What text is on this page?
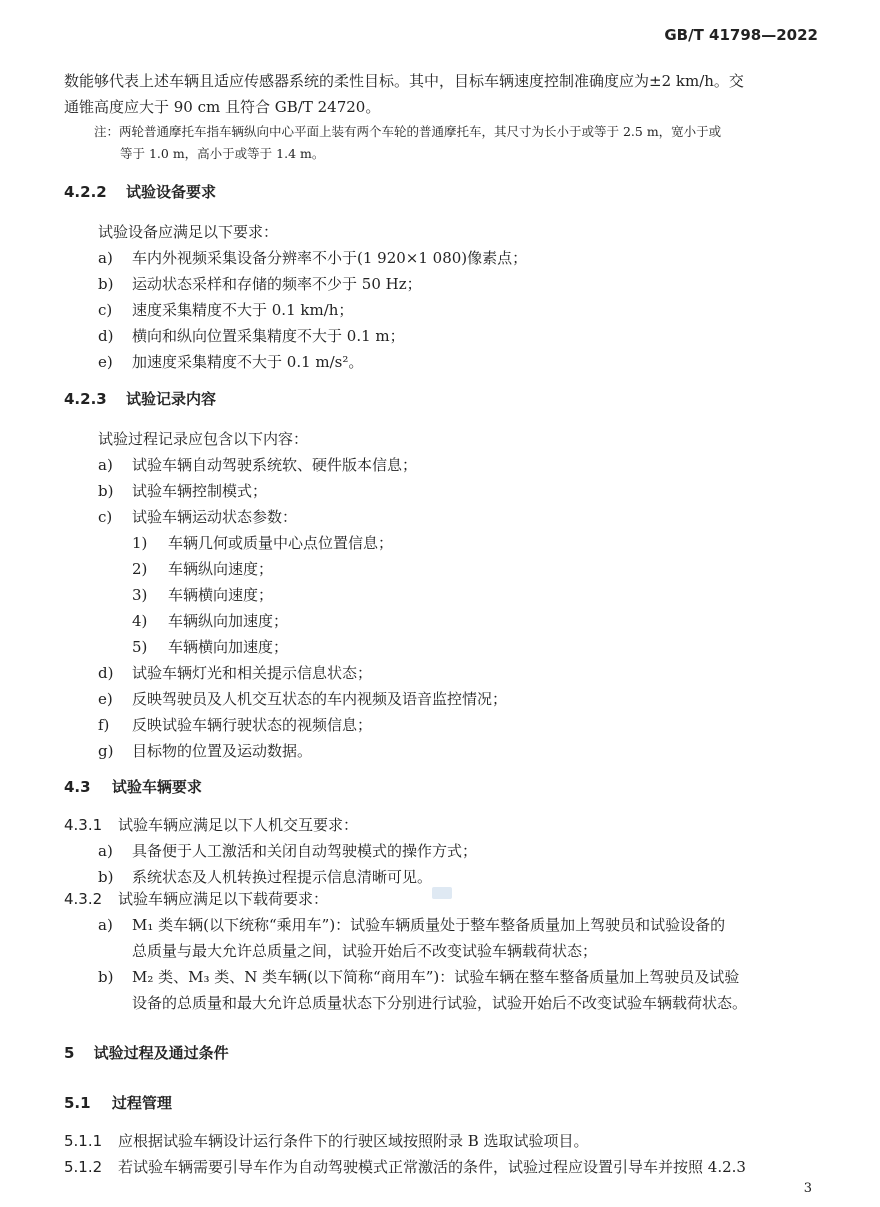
GB/T 41798—2022
数能够代表上述车辆且适应传感器系统的柔性目标。其中，目标车辆速度控制准确度应为±2 km/h。交
通锥高度应大于 90 cm 且符合 GB/T 24720。
注：两轮普通摩托车指车辆纵向中心平面上装有两个车轮的普通摩托车，其尺寸为长小于或等于 2.5 m，宽小于或
等于 1.0 m，高小于或等于 1.4 m。
4.2.2 试验设备要求
试验设备应满足以下要求：
a) 车内外视频采集设备分辨率不小于(1 920×1 080)像素点；
b) 运动状态采样和存储的频率不少于 50 Hz；
c) 速度采集精度不大于 0.1 km/h；
d) 横向和纵向位置采集精度不大于 0.1 m；
e) 加速度采集精度不大于 0.1 m/s²。
4.2.3 试验记录内容
试验过程记录应包含以下内容：
a) 试验车辆自动驾驶系统软、硬件版本信息；
b) 试验车辆控制模式；
c) 试验车辆运动状态参数：
1) 车辆几何或质量中心点位置信息；
2) 车辆纵向速度；
3) 车辆横向速度；
4) 车辆纵向加速度；
5) 车辆横向加速度；
d) 试验车辆灯光和相关提示信息状态；
e) 反映驾驶员及人机交互状态的车内视频及语音监控情况；
f) 反映试验车辆行驶状态的视频信息；
g) 目标物的位置及运动数据。
4.3 试验车辆要求
4.3.1 试验车辆应满足以下人机交互要求：
a) 具备便于人工激活和关闭自动驾驶模式的操作方式；
b) 系统状态及人机转换过程提示信息清晰可见。
4.3.2 试验车辆应满足以下载荷要求：
a) M₁ 类车辆(以下统称“乘用车”)：试验车辆质量处于整车整备质量加上驾驶员和试验设备的
总质量与最大允许总质量之间，试验开始后不改变试验车辆载荷状态；
b) M₂ 类、M₃ 类、N 类车辆(以下简称“商用车”)：试验车辆在整车整备质量加上驾驶员及试验
设备的总质量和最大允许总质量状态下分别进行试验，试验开始后不改变试验车辆载荷状态。
5 试验过程及通过条件
5.1 过程管理
5.1.1 应根据试验车辆设计运行条件下的行驶区域按照附录 B 选取试验项目。
5.1.2 若试验车辆需要引导车作为自动驾驶模式正常激活的条件，试验过程应设置引导车并按照 4.2.3
3
